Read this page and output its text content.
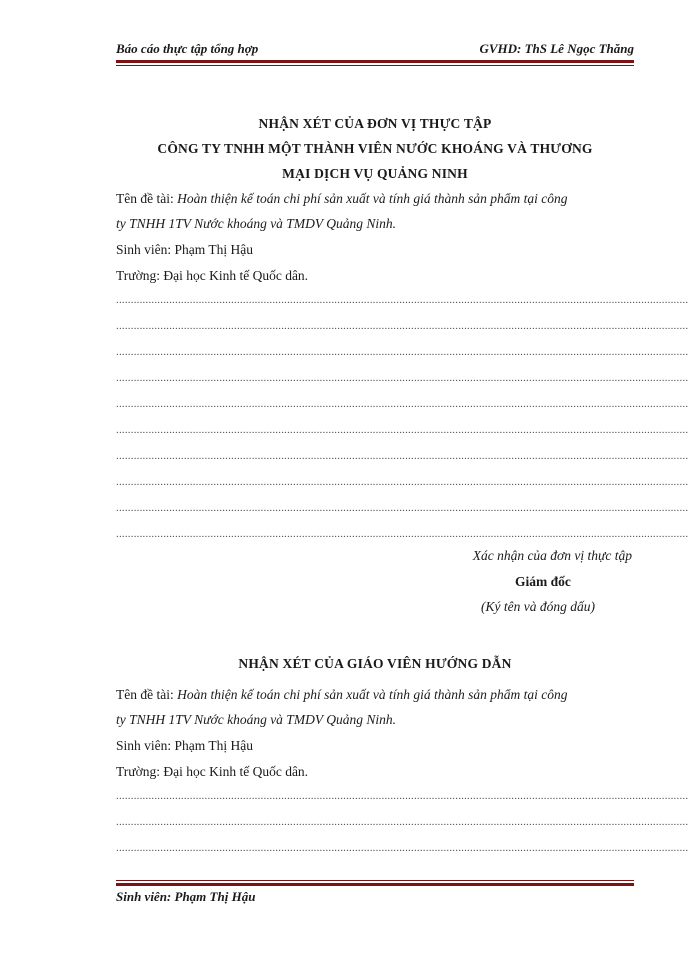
Báo cáo thực tập tổng hợp	GVHD: ThS Lê Ngọc Thăng
NHẬN XÉT CỦA ĐƠN VỊ THỰC TẬP
CÔNG TY TNHH MỘT THÀNH VIÊN NƯỚC KHOÁNG VÀ THƯƠNG
MẠI DỊCH VỤ QUẢNG NINH
Tên đề tài: Hoàn thiện kế toán chi phí sản xuất và tính giá thành sản phẩm tại công
ty TNHH 1TV Nước khoáng và TMDV Quảng Ninh.
Sinh viên: Phạm Thị Hậu
Trường: Đại học Kinh tế Quốc dân.
..................................................................................................................................................................................................
..................................................................................................................................................................................................
..................................................................................................................................................................................................
..................................................................................................................................................................................................
..................................................................................................................................................................................................
..................................................................................................................................................................................................
..................................................................................................................................................................................................
..................................................................................................................................................................................................
..................................................................................................................................................................................................
..................................................................................................................................................................................................
Xác nhận của đơn vị thực tập
Giám đốc
(Ký tên và đóng dấu)
NHẬN XÉT CỦA GIÁO VIÊN HƯỚNG DẪN
Tên đề tài: Hoàn thiện kế toán chi phí sản xuất và tính giá thành sản phẩm tại công
ty TNHH 1TV Nước khoáng và TMDV Quảng Ninh.
Sinh viên: Phạm Thị Hậu
Trường: Đại học Kinh tế Quốc dân.
..................................................................................................................................................................................................
..................................................................................................................................................................................................
..................................................................................................................................................................................................
Sinh viên: Phạm Thị Hậu
